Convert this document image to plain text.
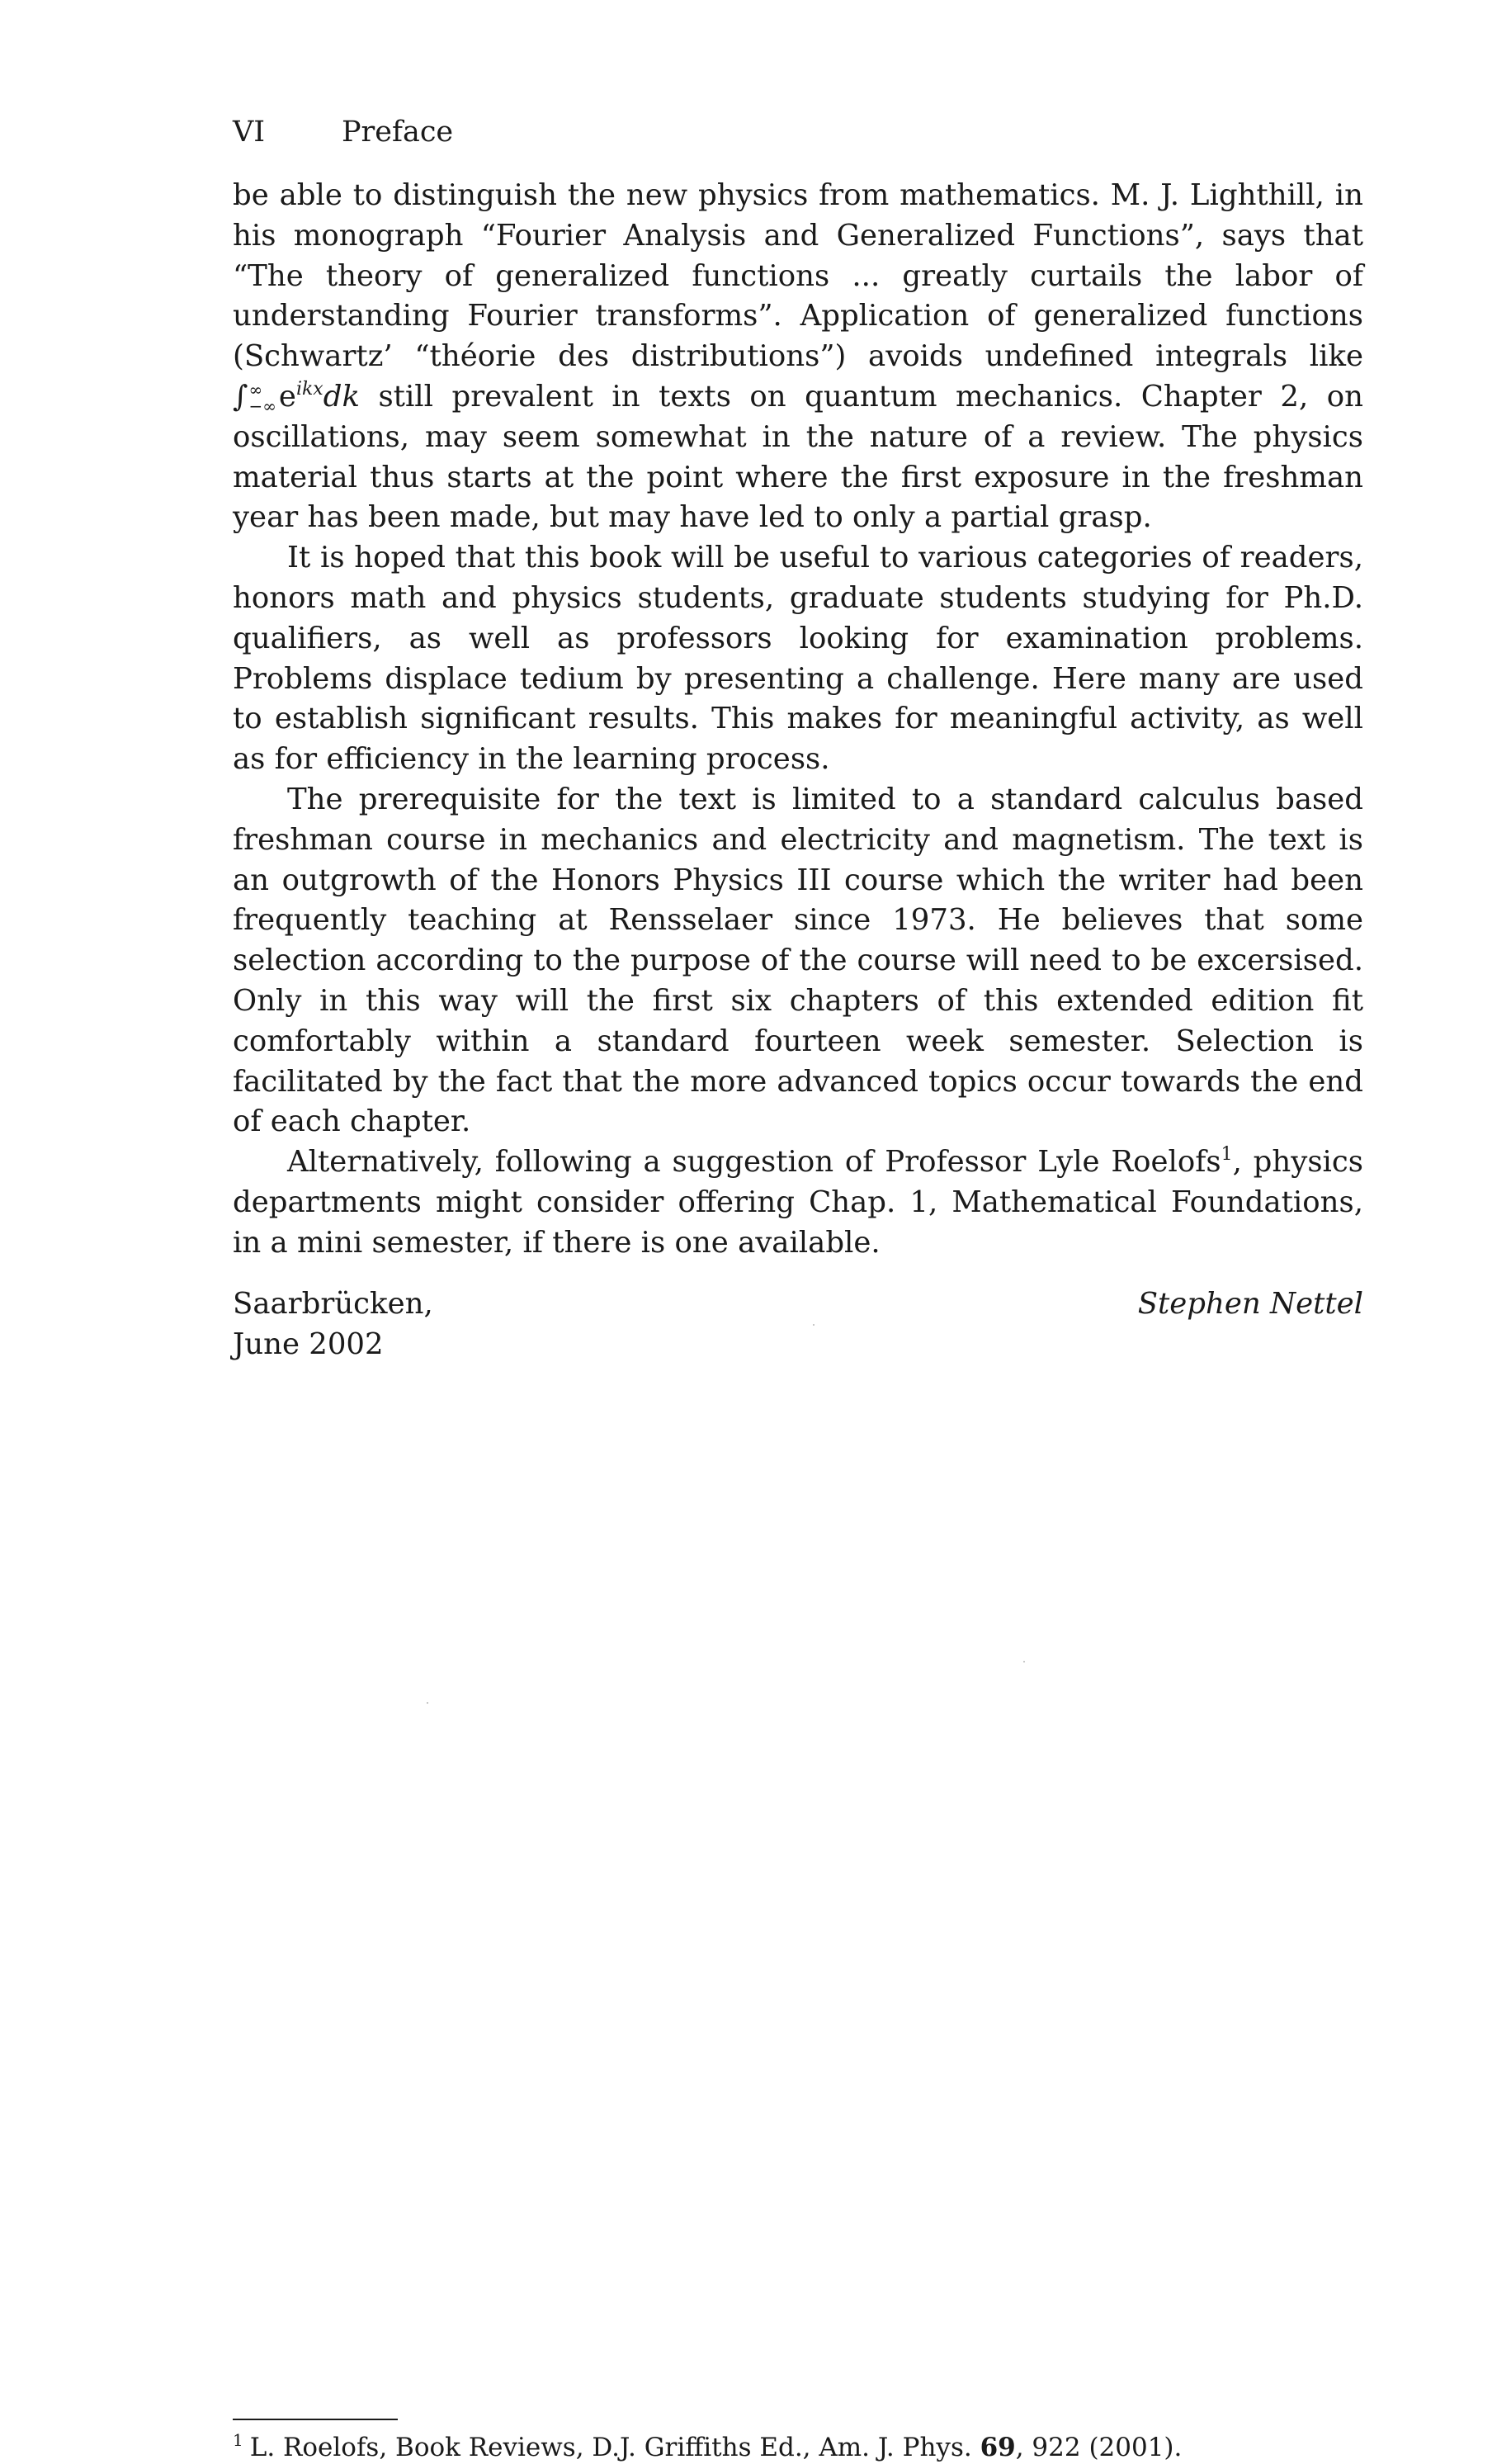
VI	Preface

be able to distinguish the new physics from mathematics. M. J. Lighthill, in his monograph “Fourier Analysis and Generalized Functions”, says that “The theory of generalized functions ... greatly curtails the labor of understanding Fourier transforms”. Application of generalized functions (Schwartz’ “théorie des distributions”) avoids undefined integrals like ∫ ∞
−∞ $e^{ikx}dk$ still prevalent in texts on quantum mechanics. Chapter 2, on oscillations, may seem somewhat in the nature of a review. The physics material thus starts at the point where the first exposure in the freshman year has been made, but may have led to only a partial grasp.

It is hoped that this book will be useful to various categories of readers, honors math and physics students, graduate students studying for Ph.D. qualifiers, as well as professors looking for examination problems. Problems displace tedium by presenting a challenge. Here many are used to establish significant results. This makes for meaningful activity, as well as for efficiency in the learning process.

The prerequisite for the text is limited to a standard calculus based freshman course in mechanics and electricity and magnetism. The text is an outgrowth of the Honors Physics III course which the writer had been frequently teaching at Rensselaer since 1973. He believes that some selection according to the purpose of the course will need to be excersised. Only in this way will the first six chapters of this extended edition fit comfortably within a standard fourteen week semester. Selection is facilitated by the fact that the more advanced topics occur towards the end of each chapter.

Alternatively, following a suggestion of Professor Lyle Roelofs$^1$, physics departments might consider offering Chap. 1, Mathematical Foundations, in a mini semester, if there is one available.

Saarbrücken,
June 2002
Stephen Nettel
$^1$ L. Roelofs, Book Reviews, D.J. Griffiths Ed., Am. J. Phys. 69, 922 (2001).
